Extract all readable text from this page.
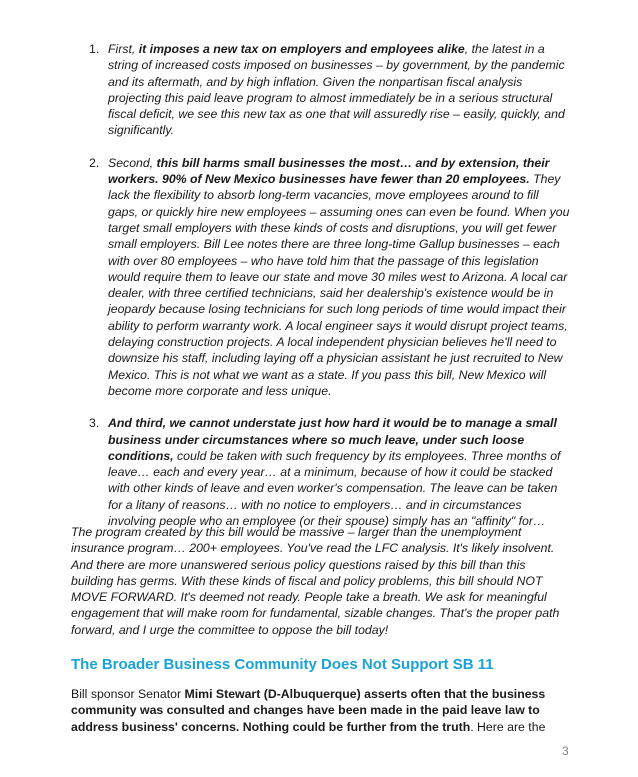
1. First, it imposes a new tax on employers and employees alike, the latest in a string of increased costs imposed on businesses – by government, by the pandemic and its aftermath, and by high inflation. Given the nonpartisan fiscal analysis projecting this paid leave program to almost immediately be in a serious structural fiscal deficit, we see this new tax as one that will assuredly rise – easily, quickly, and significantly.
2. Second, this bill harms small businesses the most… and by extension, their workers. 90% of New Mexico businesses have fewer than 20 employees. They lack the flexibility to absorb long-term vacancies, move employees around to fill gaps, or quickly hire new employees – assuming ones can even be found. When you target small employers with these kinds of costs and disruptions, you will get fewer small employers. Bill Lee notes there are three long-time Gallup businesses – each with over 80 employees – who have told him that the passage of this legislation would require them to leave our state and move 30 miles west to Arizona. A local car dealer, with three certified technicians, said her dealership's existence would be in jeopardy because losing technicians for such long periods of time would impact their ability to perform warranty work. A local engineer says it would disrupt project teams, delaying construction projects. A local independent physician believes he'll need to downsize his staff, including laying off a physician assistant he just recruited to New Mexico. This is not what we want as a state. If you pass this bill, New Mexico will become more corporate and less unique.
3. And third, we cannot understate just how hard it would be to manage a small business under circumstances where so much leave, under such loose conditions, could be taken with such frequency by its employees. Three months of leave… each and every year… at a minimum, because of how it could be stacked with other kinds of leave and even worker's compensation. The leave can be taken for a litany of reasons… with no notice to employers… and in circumstances involving people who an employee (or their spouse) simply has an "affinity" for…

The program created by this bill would be massive – larger than the unemployment insurance program… 200+ employees. You've read the LFC analysis. It's likely insolvent. And there are more unanswered serious policy questions raised by this bill than this building has germs. With these kinds of fiscal and policy problems, this bill should NOT MOVE FORWARD. It's deemed not ready. People take a breath. We ask for meaningful engagement that will make room for fundamental, sizable changes. That's the proper path forward, and I urge the committee to oppose the bill today!

The Broader Business Community Does Not Support SB 11

Bill sponsor Senator Mimi Stewart (D-Albuquerque) asserts often that the business community was consulted and changes have been made in the paid leave law to address business' concerns. Nothing could be further from the truth. Here are the

3
